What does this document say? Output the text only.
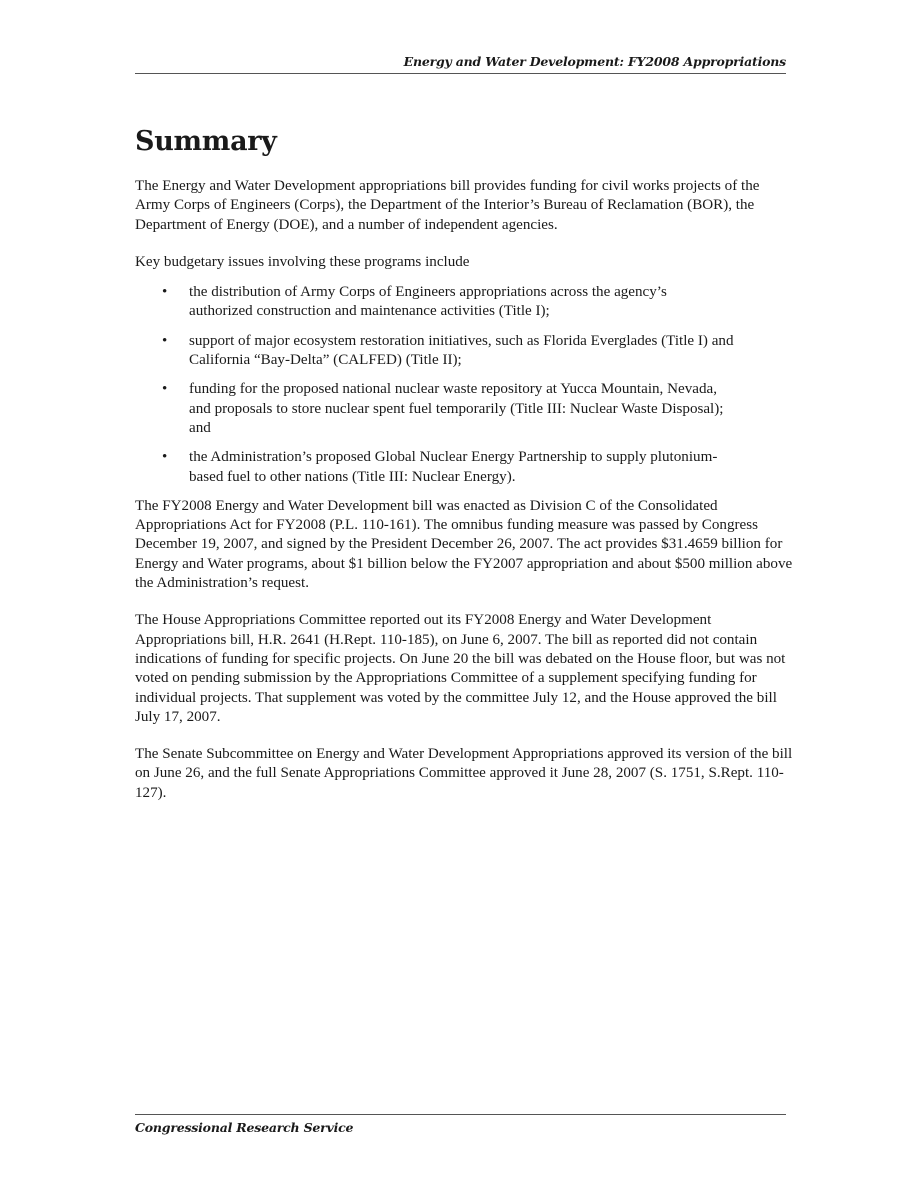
Energy and Water Development: FY2008 Appropriations
Summary

The Energy and Water Development appropriations bill provides funding for civil works projects of the Army Corps of Engineers (Corps), the Department of the Interior’s Bureau of Reclamation (BOR), the Department of Energy (DOE), and a number of independent agencies.

Key budgetary issues involving these programs include

• the distribution of Army Corps of Engineers appropriations across the agency’s authorized construction and maintenance activities (Title I);
• support of major ecosystem restoration initiatives, such as Florida Everglades (Title I) and California “Bay-Delta” (CALFED) (Title II);
• funding for the proposed national nuclear waste repository at Yucca Mountain, Nevada, and proposals to store nuclear spent fuel temporarily (Title III: Nuclear Waste Disposal); and
• the Administration’s proposed Global Nuclear Energy Partnership to supply plutonium-based fuel to other nations (Title III: Nuclear Energy).

The FY2008 Energy and Water Development bill was enacted as Division C of the Consolidated Appropriations Act for FY2008 (P.L. 110-161). The omnibus funding measure was passed by Congress December 19, 2007, and signed by the President December 26, 2007. The act provides $31.4659 billion for Energy and Water programs, about $1 billion below the FY2007 appropriation and about $500 million above the Administration’s request.

The House Appropriations Committee reported out its FY2008 Energy and Water Development Appropriations bill, H.R. 2641 (H.Rept. 110-185), on June 6, 2007. The bill as reported did not contain indications of funding for specific projects. On June 20 the bill was debated on the House floor, but was not voted on pending submission by the Appropriations Committee of a supplement specifying funding for individual projects. That supplement was voted by the committee July 12, and the House approved the bill July 17, 2007.

The Senate Subcommittee on Energy and Water Development Appropriations approved its version of the bill on June 26, and the full Senate Appropriations Committee approved it June 28, 2007 (S. 1751, S.Rept. 110-127).

Congressional Research Service
